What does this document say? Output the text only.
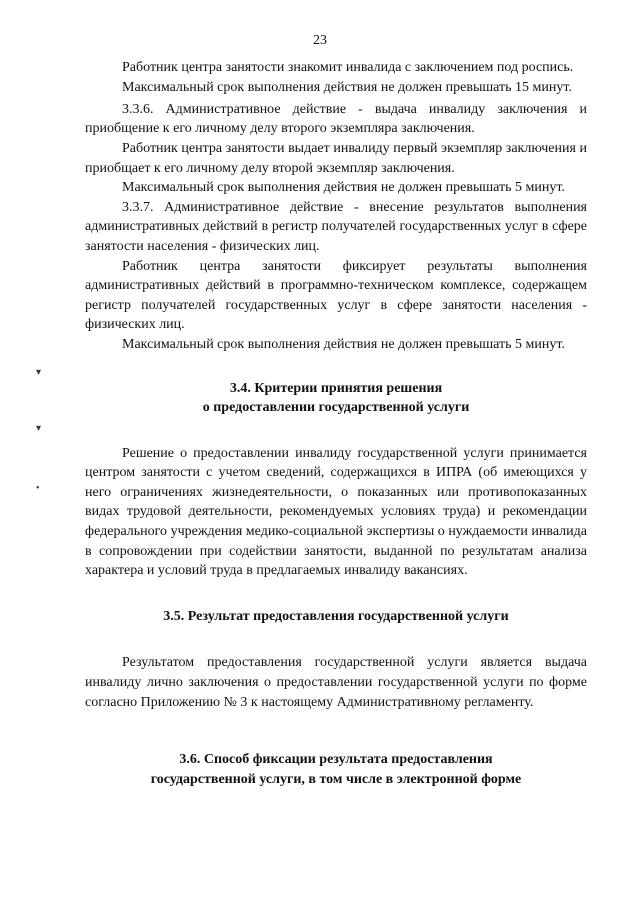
23
▾
▾
•

Работник центра занятости знакомит инвалида с заключением под роспись.

Максимальный срок выполнения действия не должен превышать 15 минут.

3.3.6. Административное действие - выдача инвалиду заключения и приобщение к его личному делу второго экземпляра заключения.

Работник центра занятости выдает инвалиду первый экземпляр заключения и приобщает к его личному делу второй экземпляр заключения.

Максимальный срок выполнения действия не должен превышать 5 минут.

3.3.7. Административное действие - внесение результатов выполнения административных действий в регистр получателей государственных услуг в сфере занятости населения - физических лиц.

Работник центра занятости фиксирует результаты выполнения административных действий в программно-техническом комплексе, содержащем регистр получателей государственных услуг в сфере занятости населения - физических лиц.

Максимальный срок выполнения действия не должен превышать 5 минут.

3.4. Критерии принятия решения
о предоставлении государственной услуги

Решение о предоставлении инвалиду государственной услуги принимается центром занятости с учетом сведений, содержащихся в ИПРА (об имеющихся у него ограничениях жизнедеятельности, о показанных или противопоказанных видах трудовой деятельности, рекомендуемых условиях труда) и рекомендации федерального учреждения медико-социальной экспертизы о нуждаемости инвалида в сопровождении при содействии занятости, выданной по результатам анализа характера и условий труда в предлагаемых инвалиду вакансиях.

3.5. Результат предоставления государственной услуги

Результатом предоставления государственной услуги является выдача инвалиду лично заключения о предоставлении государственной услуги по форме согласно Приложению № 3 к настоящему Административному регламенту.

3.6. Способ фиксации результата предоставления
государственной услуги, в том числе в электронной форме
